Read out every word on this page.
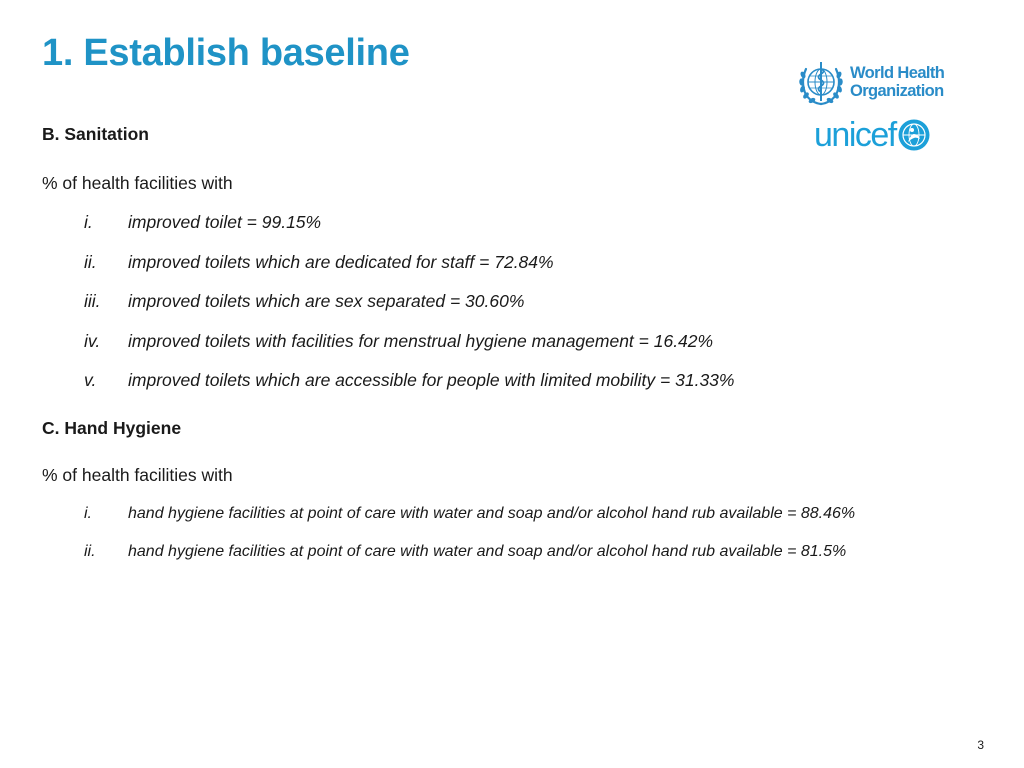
1. Establish baseline	World Health
Organization
unicef
B. Sanitation

% of health facilities with

i. improved toilet = 99.15%
ii. improved toilets which are dedicated for staff = 72.84%
iii. improved toilets which are sex separated = 30.60%
iv. improved toilets with facilities for menstrual hygiene management = 16.42%
v. improved toilets which are accessible for people with limited mobility = 31.33%
C. Hand Hygiene

% of health facilities with

i. hand hygiene facilities at point of care with water and soap and/or alcohol hand rub available = 88.46%
ii. hand hygiene facilities at point of care with water and soap and/or alcohol hand rub available = 81.5%
3
